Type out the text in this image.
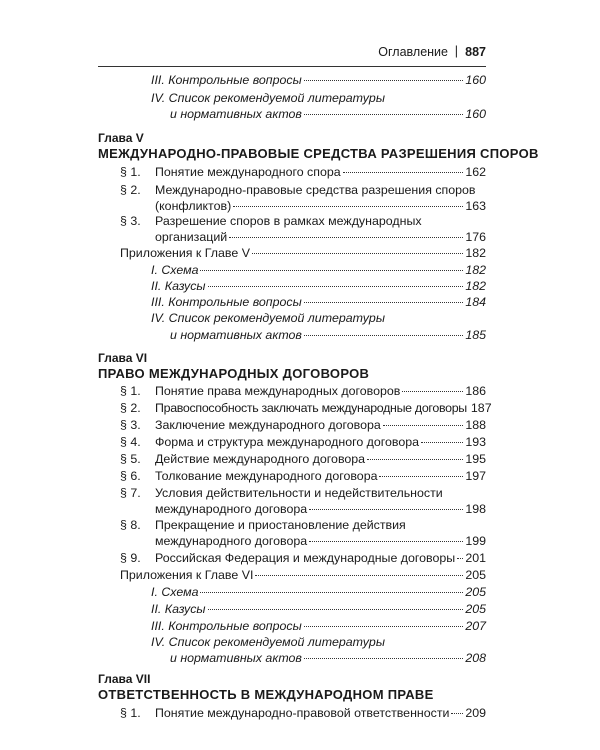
Оглавление | 887
III. Контрольные вопросы	160
IV. Список рекомендуемой литературы
и нормативных актов	160
Глава V
МЕЖДУНАРОДНО-ПРАВОВЫЕ СРЕДСТВА РАЗРЕШЕНИЯ СПОРОВ
§ 1. Понятие международного спора	162
§ 2. Международно-правовые средства разрешения споров
(конфликтов)	163
§ 3. Разрешение споров в рамках международных
организаций	176
Приложения к Главе V	182
I. Схема	182
II. Казусы	182
III. Контрольные вопросы	184
IV. Список рекомендуемой литературы
и нормативных актов	185
Глава VI
ПРАВО МЕЖДУНАРОДНЫХ ДОГОВОРОВ
§ 1. Понятие права международных договоров	186
§ 2. Правоспособность заключать международные договоры 187
§ 3. Заключение международного договора	188
§ 4. Форма и структура международного договора	193
§ 5. Действие международного договора	195
§ 6. Толкование международного договора	197
§ 7. Условия действительности и недействительности
международного договора	198
§ 8. Прекращение и приостановление действия
международного договора	199
§ 9. Российская Федерация и международные договоры 201
Приложения к Главе VI	205
I. Схема	205
II. Казусы	205
III. Контрольные вопросы	207
IV. Список рекомендуемой литературы
и нормативных актов	208
Глава VII
ОТВЕТСТВЕННОСТЬ В МЕЖДУНАРОДНОМ ПРАВЕ
§ 1. Понятие международно-правовой ответственности 209
